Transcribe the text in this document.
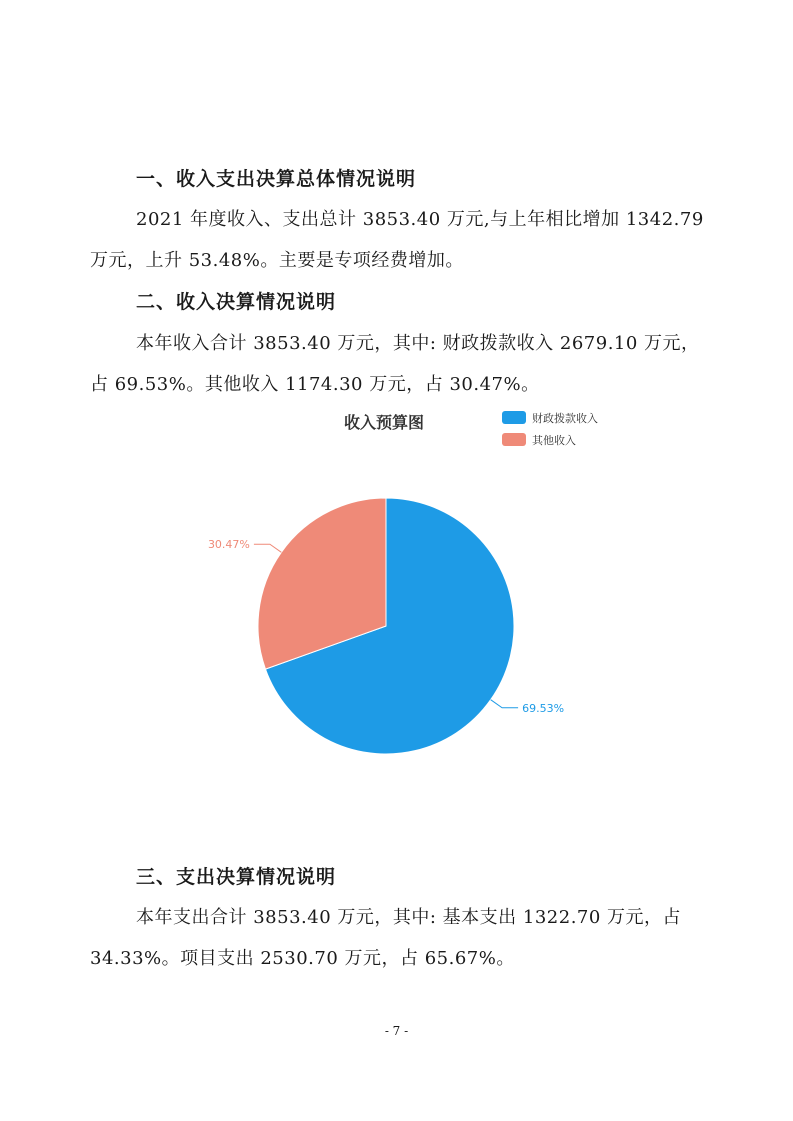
一、收入支出决算总体情况说明
2021 年度收入、支出总计 3853.40 万元,与上年相比增加 1342.79
万元，上升 53.48%。主要是专项经费增加。
二、收入决算情况说明
本年收入合计 3853.40 万元，其中: 财政拨款收入 2679.10 万元，
占 69.53%。其他收入 1174.30 万元，占 30.47%。
收入预算图	财政拨款收入
其他收入
69.53%
30.47%
三、支出决算情况说明
本年支出合计 3853.40 万元，其中: 基本支出 1322.70 万元，占
34.33%。项目支出 2530.70 万元，占 65.67%。
- 7 -
